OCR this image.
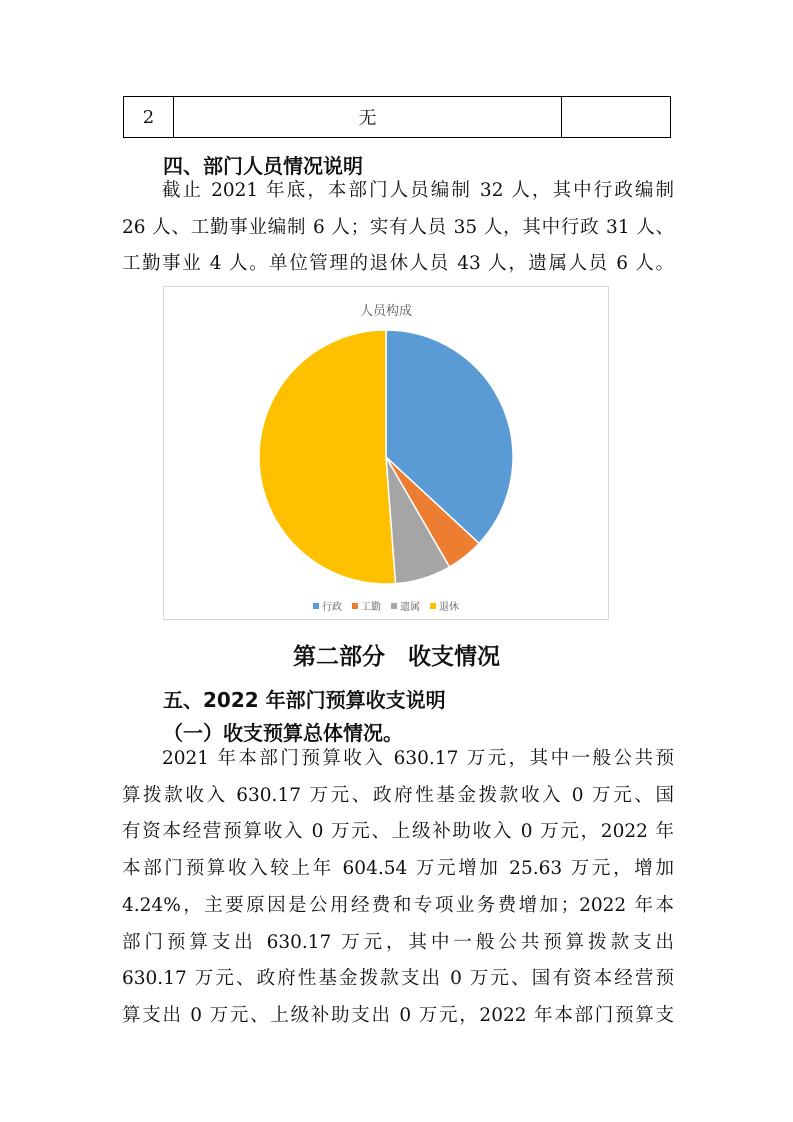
2	无
四、部门人员情况说明
截止 2021 年底，本部门人员编制 32 人，其中行政编制
26 人、工勤事业编制 6 人；实有人员 35 人，其中行政 31 人、
工勤事业 4 人。单位管理的退休人员 43 人，遗属人员 6 人。
人员构成
行政 工勤 遗属 退休
第二部分　收支情况
五、2022 年部门预算收支说明
（一）收支预算总体情况。
2021 年本部门预算收入 630.17 万元，其中一般公共预
算拨款收入 630.17 万元、政府性基金拨款收入 0 万元、国
有资本经营预算收入 0 万元、上级补助收入 0 万元，2022 年
本部门预算收入较上年 604.54 万元增加 25.63 万元，增加
4.24%，主要原因是公用经费和专项业务费增加；2022 年本
部门预算支出 630.17 万元，其中一般公共预算拨款支出
630.17 万元、政府性基金拨款支出 0 万元、国有资本经营预
算支出 0 万元、上级补助支出 0 万元，2022 年本部门预算支
